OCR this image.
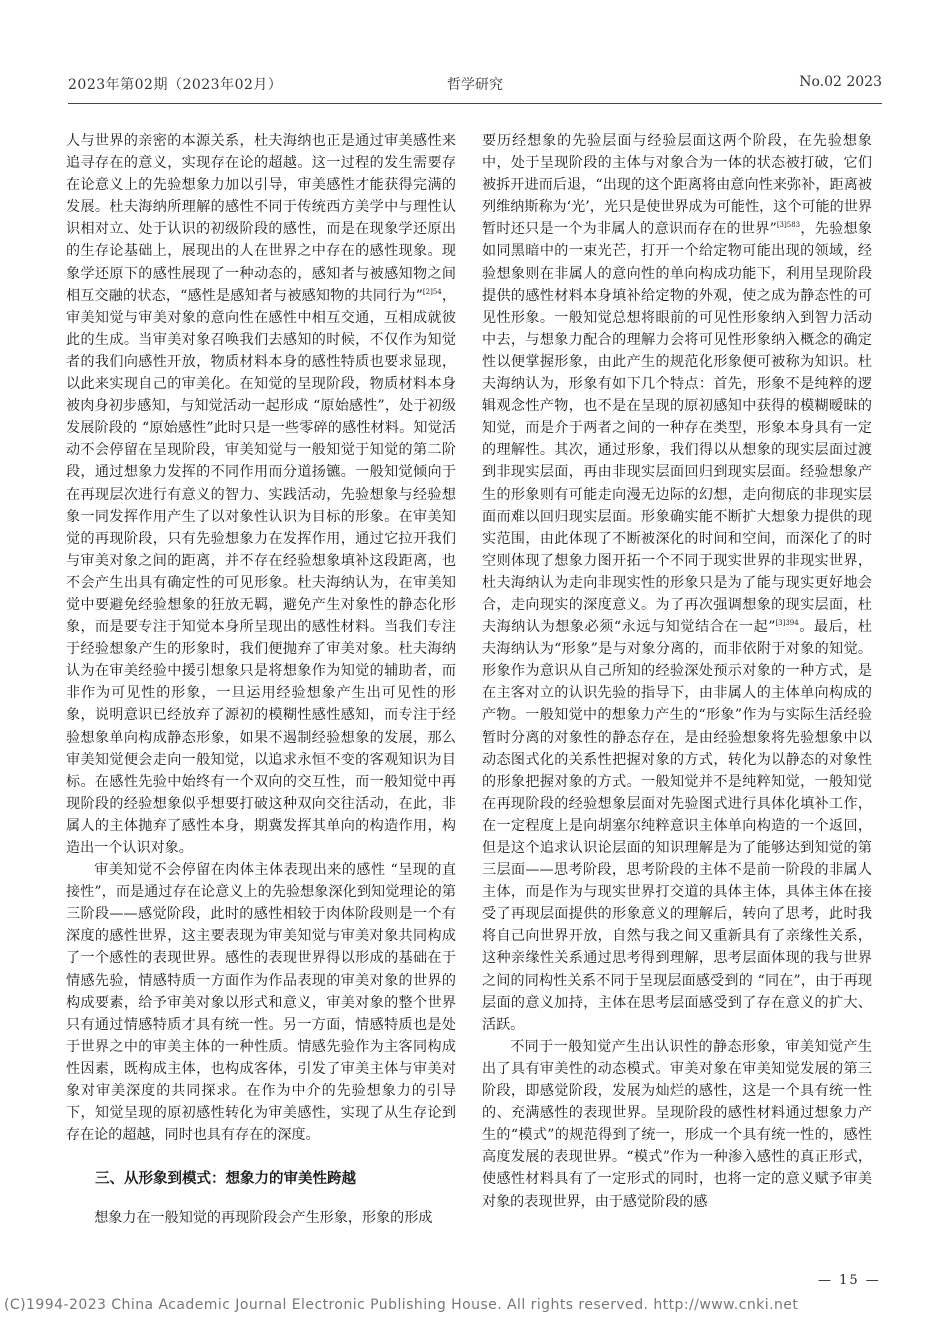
2023年第02期（2023年02月）	哲学研究	No.02 2023

人与世界的亲密的本源关系，杜夫海纳也正是通过审美感性来追寻存在的意义，实现存在论的超越。这一过程的发生需要存在论意义上的先验想象力加以引导，审美感性才能获得完满的发展。杜夫海纳所理解的感性不同于传统西方美学中与理性认识相对立、处于认识的初级阶段的感性，而是在现象学还原出的生存论基础上，展现出的人在世界之中存在的感性现象。现象学还原下的感性展现了一种动态的，感知者与被感知物之间相互交融的状态，“感性是感知者与被感知物的共同行为”$^{[2]54}$，审美知觉与审美对象的意向性在感性中相互交通，互相成就彼此的生成。当审美对象召唤我们去感知的时候，不仅作为知觉者的我们向感性开放，物质材料本身的感性特质也要求显现，以此来实现自己的审美化。在知觉的呈现阶段，物质材料本身被肉身初步感知，与知觉活动一起形成 “原始感性”，处于初级发展阶段的 “原始感性”此时只是一些零碎的感性材料。知觉活动不会停留在呈现阶段，审美知觉与一般知觉于知觉的第二阶段，通过想象力发挥的不同作用而分道扬镳。一般知觉倾向于在再现层次进行有意义的智力、实践活动，先验想象与经验想象一同发挥作用产生了以对象性认识为目标的形象。在审美知觉的再现阶段，只有先验想象力在发挥作用，通过它拉开我们与审美对象之间的距离，并不存在经验想象填补这段距离，也不会产生出具有确定性的可见形象。杜夫海纳认为，在审美知觉中要避免经验想象的狂放无羁，避免产生对象性的静态化形象，而是要专注于知觉本身所呈现出的感性材料。当我们专注于经验想象产生的形象时，我们便抛弃了审美对象。杜夫海纳认为在审美经验中援引想象只是将想象作为知觉的辅助者，而非作为可见性的形象，一旦运用经验想象产生出可见性的形象，说明意识已经放弃了源初的模糊性感性感知，而专注于经验想象单向构成静态形象，如果不遏制经验想象的发展，那么审美知觉便会走向一般知觉，以追求永恒不变的客观知识为目标。在感性先验中始终有一个双向的交互性，而一般知觉中再现阶段的经验想象似乎想要打破这种双向交往活动，在此，非属人的主体抛弃了感性本身，期冀发挥其单向的构造作用，构造出一个认识对象。

审美知觉不会停留在肉体主体表现出来的感性 “呈现的直接性”，而是通过存在论意义上的先验想象深化到知觉理论的第三阶段——感觉阶段，此时的感性相较于肉体阶段则是一个有深度的感性世界，这主要表现为审美知觉与审美对象共同构成了一个感性的表现世界。感性的表现世界得以形成的基础在于情感先验，情感特质一方面作为作品表现的审美对象的世界的构成要素，给予审美对象以形式和意义，审美对象的整个世界只有通过情感特质才具有统一性。另一方面，情感特质也是处于世界之中的审美主体的一种性质。情感先验作为主客同构成性因素，既构成主体，也构成客体，引发了审美主体与审美对象对审美深度的共同探求。在作为中介的先验想象力的引导下，知觉呈现的原初感性转化为审美感性，实现了从生存论到存在论的超越，同时也具有存在的深度。

三、从形象到模式：想象力的审美性跨越

想象力在一般知觉的再现阶段会产生形象，形象的形成

要历经想象的先验层面与经验层面这两个阶段，在先验想象中，处于呈现阶段的主体与对象合为一体的状态被打破，它们被拆开进而后退，“出现的这个距离将由意向性来弥补，距离被列维纳斯称为‘光’，光只是使世界成为可能性，这个可能的世界暂时还只是一个为非属人的意识而存在的世界”$^{[3]583}$，先验想象如同黑暗中的一束光芒，打开一个给定物可能出现的领域，经验想象则在非属人的意向性的单向构成功能下，利用呈现阶段提供的感性材料本身填补给定物的外观，使之成为静态性的可见性形象。一般知觉总想将眼前的可见性形象纳入到智力活动中去，与想象力配合的理解力会将可见性形象纳入概念的确定性以便掌握形象，由此产生的规范化形象便可被称为知识。杜夫海纳认为，形象有如下几个特点：首先，形象不是纯粹的逻辑观念性产物，也不是在呈现的原初感知中获得的模糊暧昧的知觉，而是介于两者之间的一种存在类型，形象本身具有一定的理解性。其次，通过形象，我们得以从想象的现实层面过渡到非现实层面，再由非现实层面回归到现实层面。经验想象产生的形象则有可能走向漫无边际的幻想，走向彻底的非现实层面而难以回归现实层面。形象确实能不断扩大想象力提供的现实范围，由此体现了不断被深化的时间和空间，而深化了的时空则体现了想象力图开拓一个不同于现实世界的非现实世界，杜夫海纳认为走向非现实性的形象只是为了能与现实更好地会合，走向现实的深度意义。为了再次强调想象的现实层面，杜夫海纳认为想象必须“永远与知觉结合在一起”$^{[3]394}$。最后，杜夫海纳认为“形象”是与对象分离的，而非依附于对象的知觉。形象作为意识从自己所知的经验深处预示对象的一种方式，是在主客对立的认识先验的指导下，由非属人的主体单向构成的产物。一般知觉中的想象力产生的“形象”作为与实际生活经验暂时分离的对象性的静态存在，是由经验想象将先验想象中以动态图式化的关系性把握对象的方式，转化为以静态的对象性的形象把握对象的方式。一般知觉并不是纯粹知觉，一般知觉在再现阶段的经验想象层面对先验图式进行具体化填补工作，在一定程度上是向胡塞尔纯粹意识主体单向构造的一个返回，但是这个追求认识论层面的知识理解是为了能够达到知觉的第三层面——思考阶段，思考阶段的主体不是前一阶段的非属人主体，而是作为与现实世界打交道的具体主体，具体主体在接受了再现层面提供的形象意义的理解后，转向了思考，此时我将自己向世界开放，自然与我之间又重新具有了亲缘性关系，这种亲缘性关系通过思考得到理解，思考层面体现的我与世界之间的同构性关系不同于呈现层面感受到的 “同在”，由于再现层面的意义加持，主体在思考层面感受到了存在意义的扩大、活跃。

不同于一般知觉产生出认识性的静态形象，审美知觉产生出了具有审美性的动态模式。审美对象在审美知觉发展的第三阶段，即感觉阶段，发展为灿烂的感性，这是一个具有统一性的、充满感性的表现世界。呈现阶段的感性材料通过想象力产生的“模式”的规范得到了统一，形成一个具有统一性的，感性高度发展的表现世界。“模式”作为一种渗入感性的真正形式，使感性材料具有了一定形式的同时，也将一定的意义赋予审美对象的表现世界，由于感觉阶段的感

— 15 —
(C)1994-2023 China Academic Journal Electronic Publishing House. All rights reserved. http://www.cnki.net
